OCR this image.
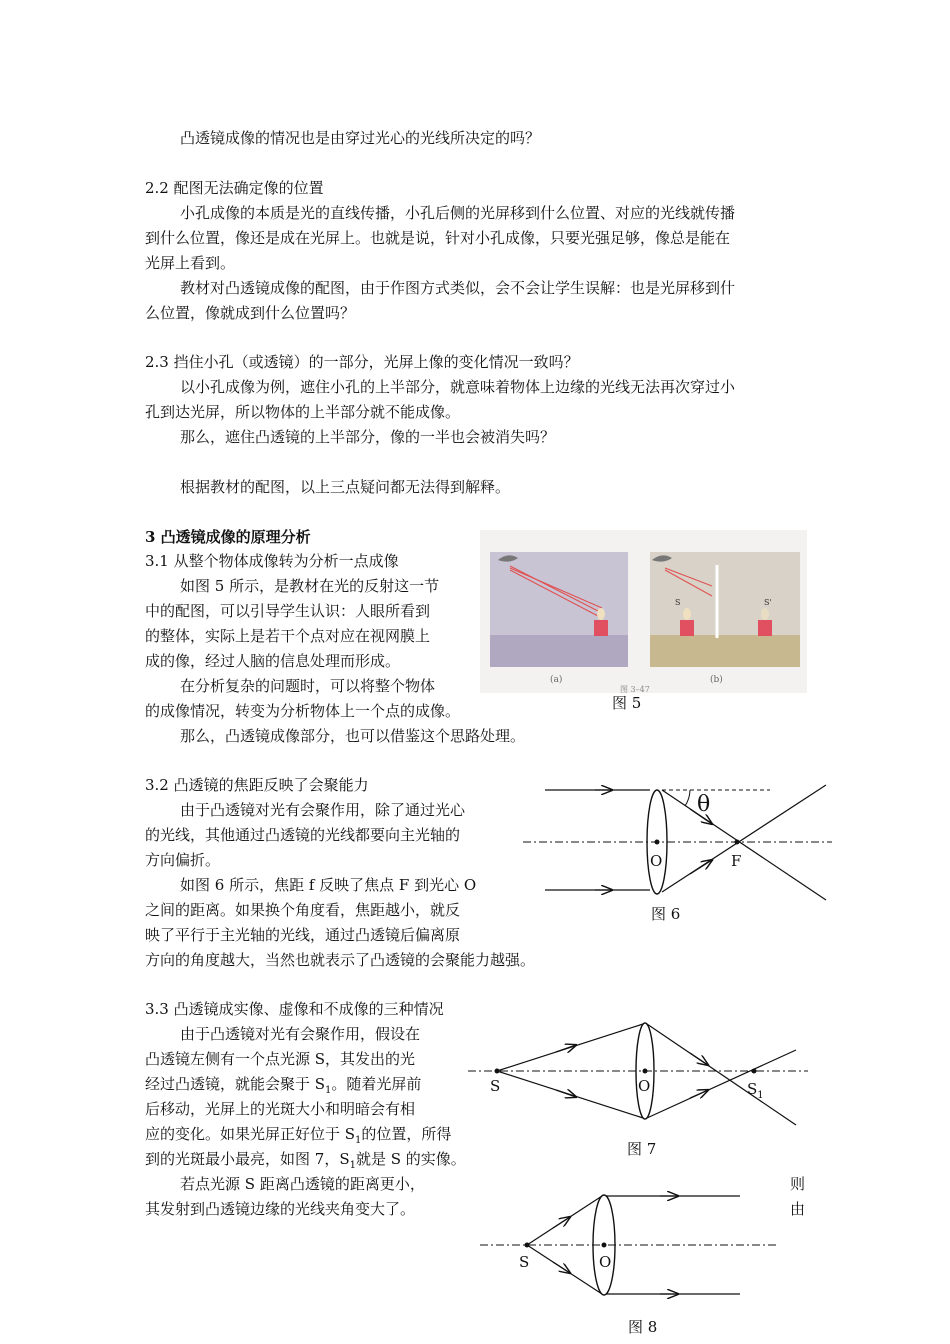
凸透镜成像的情况也是由穿过光心的光线所决定的吗？
2.2 配图无法确定像的位置
小孔成像的本质是光的直线传播，小孔后侧的光屏移到什么位置、对应的光线就传播
到什么位置，像还是成在光屏上。也就是说，针对小孔成像，只要光强足够，像总是能在
光屏上看到。
教材对凸透镜成像的配图，由于作图方式类似，会不会让学生误解：也是光屏移到什
么位置，像就成到什么位置吗？
2.3 挡住小孔（或透镜）的一部分，光屏上像的变化情况一致吗？
以小孔成像为例，遮住小孔的上半部分，就意味着物体上边缘的光线无法再次穿过小
孔到达光屏，所以物体的上半部分就不能成像。
那么，遮住凸透镜的上半部分，像的一半也会被消失吗？
根据教材的配图，以上三点疑问都无法得到解释。
3 凸透镜成像的原理分析
3.1 从整个物体成像转为分析一点成像
如图 5 所示，是教材在光的反射这一节
中的配图，可以引导学生认识：人眼所看到
的整体，实际上是若干个点对应在视网膜上
成的像，经过人脑的信息处理而形成。
在分析复杂的问题时，可以将整个物体
的成像情况，转变为分析物体上一个点的成像。
那么，凸透镜成像部分，也可以借鉴这个思路处理。
3.2 凸透镜的焦距反映了会聚能力
由于凸透镜对光有会聚作用，除了通过光心
的光线，其他通过凸透镜的光线都要向主光轴的
方向偏折。
如图 6 所示，焦距 f 反映了焦点 F 到光心 O
之间的距离。如果换个角度看，焦距越小，就反
映了平行于主光轴的光线，通过凸透镜后偏离原
方向的角度越大，当然也就表示了凸透镜的会聚能力越强。
3.3 凸透镜成实像、虚像和不成像的三种情况
由于凸透镜对光有会聚作用，假设在
凸透镜左侧有一个点光源 S，其发出的光
经过凸透镜，就能会聚于 $S_1$。随着光屏前
后移动，光屏上的光斑大小和明暗会有相
应的变化。如果光屏正好位于 $S_1$的位置，所得
到的光斑最小最亮，如图 7，$S_1$就是 S 的实像。
若点光源 S 距离凸透镜的距离更小，
其发射到凸透镜边缘的光线夹角变大了。
则
由
(a)
S	S'
(b)
图 3–47
图 5
θ
O	F
图 6
S	O	$S_1$
图 7
S	O
图 8
